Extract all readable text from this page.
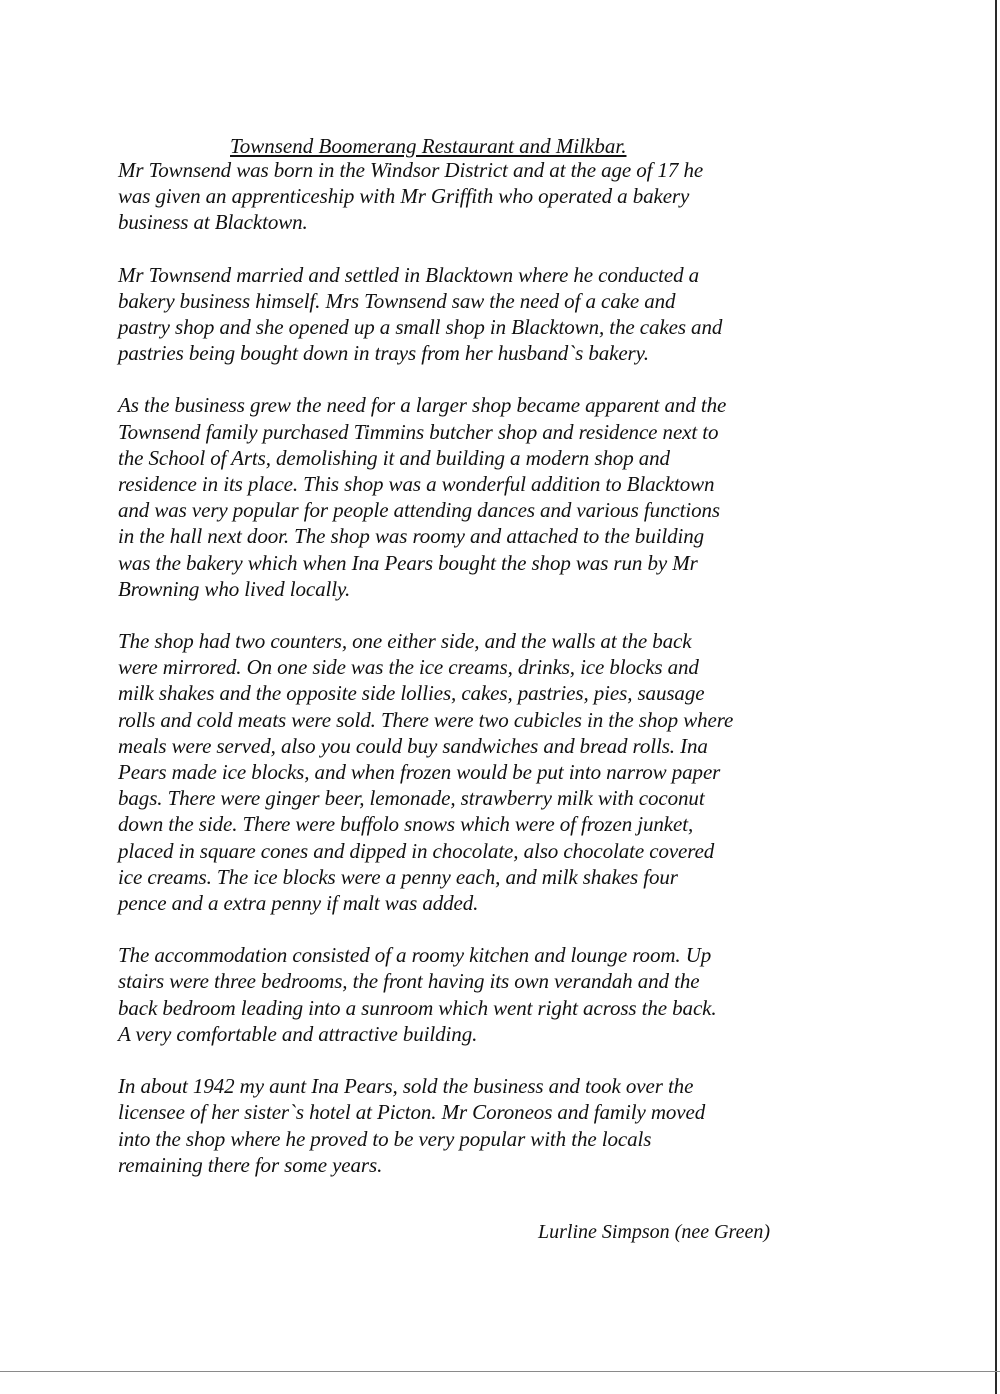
Townsend Boomerang Restaurant and Milkbar.

Mr Townsend was born in the Windsor District and at the age of 17 he
was given an apprenticeship with Mr Griffith who operated a bakery
business at Blacktown.

Mr Townsend married and settled in Blacktown where he conducted a
bakery business himself. Mrs Townsend saw the need of a cake and
pastry shop and she opened up a small shop in Blacktown, the cakes and
pastries being bought down in trays from her husband`s bakery.

As the business grew the need for a larger shop became apparent and the
Townsend family purchased Timmins butcher shop and residence next to
the School of Arts, demolishing it and building a modern shop and
residence in its place. This shop was a wonderful addition to Blacktown
and was very popular for people attending dances and various functions
in the hall next door. The shop was roomy and attached to the building
was the bakery which when Ina Pears bought the shop was run by Mr
Browning who lived locally.

The shop had two counters, one either side, and the walls at the back
were mirrored. On one side was the ice creams, drinks, ice blocks and
milk shakes and the opposite side lollies, cakes, pastries, pies, sausage
rolls and cold meats were sold. There were two cubicles in the shop where
meals were served, also you could buy sandwiches and bread rolls. Ina
Pears made ice blocks, and when frozen would be put into narrow paper
bags. There were ginger beer, lemonade, strawberry milk with coconut
down the side. There were buffolo snows which were of frozen junket,
placed in square cones and dipped in chocolate, also chocolate covered
ice creams. The ice blocks were a penny each, and milk shakes four
pence and a extra penny if malt was added.

The accommodation consisted of a roomy kitchen and lounge room. Up
stairs were three bedrooms, the front having its own verandah and the
back bedroom leading into a sunroom which went right across the back.
A very comfortable and attractive building.

In about 1942 my aunt Ina Pears, sold the business and took over the
licensee of her sister`s hotel at Picton. Mr Coroneos and family moved
into the shop where he proved to be very popular with the locals
remaining there for some years.

Lurline Simpson (nee Green)
